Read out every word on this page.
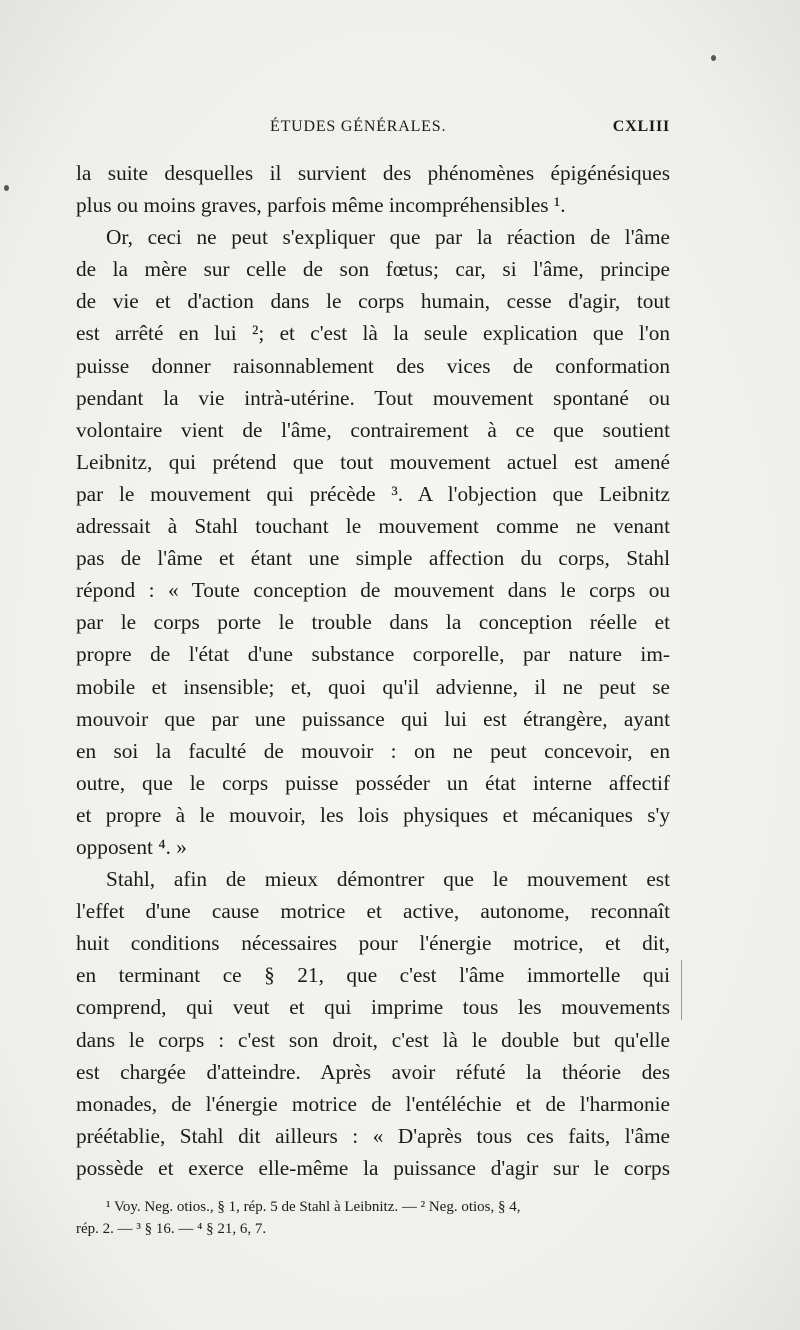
ÉTUDES GÉNÉRALES.	CXLIII
la suite desquelles il survient des phénomènes épigénésiques
plus ou moins graves, parfois même incompréhensibles ¹.
Or, ceci ne peut s'expliquer que par la réaction de l'âme
de la mère sur celle de son fœtus; car, si l'âme, principe
de vie et d'action dans le corps humain, cesse d'agir, tout
est arrêté en lui ²; et c'est là la seule explication que l'on
puisse donner raisonnablement des vices de conformation
pendant la vie intrà-utérine. Tout mouvement spontané ou
volontaire vient de l'âme, contrairement à ce que soutient
Leibnitz, qui prétend que tout mouvement actuel est amené
par le mouvement qui précède ³. A l'objection que Leibnitz
adressait à Stahl touchant le mouvement comme ne venant
pas de l'âme et étant une simple affection du corps, Stahl
répond : « Toute conception de mouvement dans le corps ou
par le corps porte le trouble dans la conception réelle et
propre de l'état d'une substance corporelle, par nature im-
mobile et insensible; et, quoi qu'il advienne, il ne peut se
mouvoir que par une puissance qui lui est étrangère, ayant
en soi la faculté de mouvoir : on ne peut concevoir, en
outre, que le corps puisse posséder un état interne affectif
et propre à le mouvoir, les lois physiques et mécaniques s'y
opposent ⁴. »
Stahl, afin de mieux démontrer que le mouvement est
l'effet d'une cause motrice et active, autonome, reconnaît
huit conditions nécessaires pour l'énergie motrice, et dit,
en terminant ce § 21, que c'est l'âme immortelle qui
comprend, qui veut et qui imprime tous les mouvements
dans le corps : c'est son droit, c'est là le double but qu'elle
est chargée d'atteindre. Après avoir réfuté la théorie des
monades, de l'énergie motrice de l'entéléchie et de l'harmonie
préétablie, Stahl dit ailleurs : « D'après tous ces faits, l'âme
possède et exerce elle-même la puissance d'agir sur le corps
¹ Voy. Neg. otios., § 1, rép. 5 de Stahl à Leibnitz. — ² Neg. otios, § 4,
rép. 2. — ³ § 16. — ⁴ § 21, 6, 7.
